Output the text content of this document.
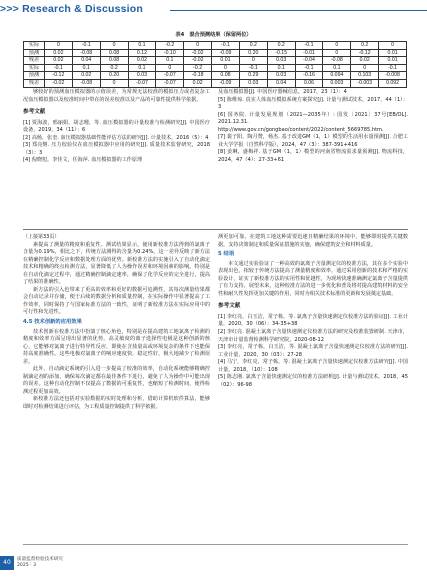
>>> Research & Discussion
表4　混合预测结果（保留两位）
实际	0	-0.1	0	0.1	-0.2	0	-0.1	0.2	0.2	-0.1	0	0.2	0
预测	0.02	-0.08	0.08	0.12	-0.10	-0.02	-0.09	0.20	-0.15	-0.01	0	-0.12	0.01
残差	0.02	0.04	0.08	0.02	0.1	-0.02	0.01	0	0.03	-0.04	-0.08	0.02	0.01
实际	-0.1	0.1	0.2	0.1	0	-0.2	0	-0.1	0.1	-0.1	0.1	0	-0.1
预测	-0.12	0.02	0.20	0.03	-0.07	-0.18	0.08	0.29	0.03	-0.16	0.094	0.103	-0.008
残差	-0.02	-0.08	0	-0.07	-0.07	0.02	-0.09	0.03	0.04	0.06	0.003	-0.003	0.092

够较好的预测血压模拟器的示值误差，为常规无法校准的模拟压力或者复杂工况血压模拟器以及校准时间中带在的误差校准以及产品的可靠性提供科学依据。

参考文献

[1] 贾海波，邢丽娟，胡志珊，等. 血压模拟器的计量校准与检测研究[J]. 中国医疗设备，2019，34（11）：6

[2] 高杨，张奎. 血压模拟器基础性能评估方法的研究[J]. 计量技术，2016（5）：4

[3] 郑亮继. 压力校验仪在血压模拟器中应用的研究[J]. 质量技术监督研究，2018（3）：3

[4] 倪晓旭，李佳文，任海萍. 血压模拟器的工作原理

及血压模拟器[J]. 中国医疗器械信息，2017，23（1）：4

[5] 陈维琼. 真实人体血压模拟系统方案探究[J]. 计量与测试技术，2017，44（1）：3

[6] 国务院. 计量发展规划（2021—2035年）: 国发〔2021〕37号[EB/OL]. 2021.12.31. http://www.gov.cn/gongbao/content/2022/content_5669785.htm.

[7] 裴子阳，陶月赞，杨杰. 基于改进GM（1，1）模型的生活用水量预测[J]. 合肥工业大学学报（自然科学版），2024，47（3）：387-391+416

[8] 姜琳，盛梅祥. 基于GM（1，1）模型的河南省物流需求量预测[J]. 物流科技，2024，47（4）：27-33+61

（上接第33页）

素提高了测量的精度和重复性。测试结果显示，使用新校准方法得到的氯离子含量为0.19%，相比之下，传统方法测得的含量为0.24%。这一差异反映了新方法在精确控制化学反应和数据处理方面的优势。新校准方法的实施引入了自动化滴定技术和精确的终点检测方法，显著降低了人为操作误差和环境因素的影响。特别是在自动化滴定过程中，通过精确控制滴定速率，确保了化学反应的完全进行，提高了结果的准确性。

新方法的引入也带来了更高的效率和更好的数据可追溯性，其每次测量结果都会自动记录并存储，便于后续的数据分析和质量控制，在实际操作中显著提高了工作效率，同时保持了与国家标准方法的一致性，证明了新校准方法在实际应用中的可行性和先进性。

4.5 技术创新的应用效果

技术创新在校准方法中扮演了核心角色，特别是在提高建筑工地氯离子检测的精度和效率方面呈现出显著的优势。高灵敏度的离子选择性电极是这种创新的核心，它能够对氯离子进行特异性反应，即使在含盐量高或环境复杂的条件下也能保持高度准确性。这些电极对氯离子的响应速度快，稳定性好，极大地减少了检测误差。

此外，自动滴定系统的引入进一步提高了校准的效率，自动化系统能够精确控制滴定剂的添加，确保每次滴定都在最佳条件下进行，避免了人为操作中可能出现的误差。这种自动化控制不仅提高了数据的可重复性，也缩短了检测时间，使得检测过程更加高效。

新校准方法还包括对实验数据的实时处理和分析，借助计算机软件算法，能够即时对检测结果进行评估，为工程质量控制提供了科学依据。

测更加可靠。在建筑工地这种需要迅速且精确结果的环境中，能够即时提供关键数据，支持决策制定和质量保证措施的实施，确保建筑安全和材料质量。

5 结语

本文通过实验验证了一种高效的氯离子含量测定仪的校准方法，其在多个实验中表现出色，相较于传统方法提高了测量精度和效率。通过采用创新的技术和严格的实验设计，证实了新校准方法的实用性和优越性，为现场快速准确测定氯离子含量提供了有力支持。展望未来，这种校准方法的进一步优化和普及将对提高建筑材料的安全性和耐久性发挥更加关键的作用，同时为相关技术标准的更新和发展奠定基础。

参考文献

[1] 李红亮，白玉洁，常子栋，等. 氯离子含量快速测定仪校准方法的验证[J]. 工业计量，2020，30（06）：34-35+38

[2] 李红亮. 混凝土氯离子含量快速测定仪校准方法的研究及校准装置研制. 天津市，天津市计量监督检测科学研究院，2020-08-12

[3] 李红亮，常子栋，白玉洁，等. 混凝土氯离子含量快速测定仪校准方法的研究[J]. 工业计量，2020，30（03）：27-28

[4] 马宁，李红亮，常子栋，等. 混凝土氯离子含量快速测定仪校准方法研究[J]. 中国计量，2018，（10）：108

[5] 陈志刚. 氯离子含量快速测定仪的校准方法研析[J]. 计量与测试技术，2018，45（02）：96-98

40	质量监督检验技术研究
2025 · 3
